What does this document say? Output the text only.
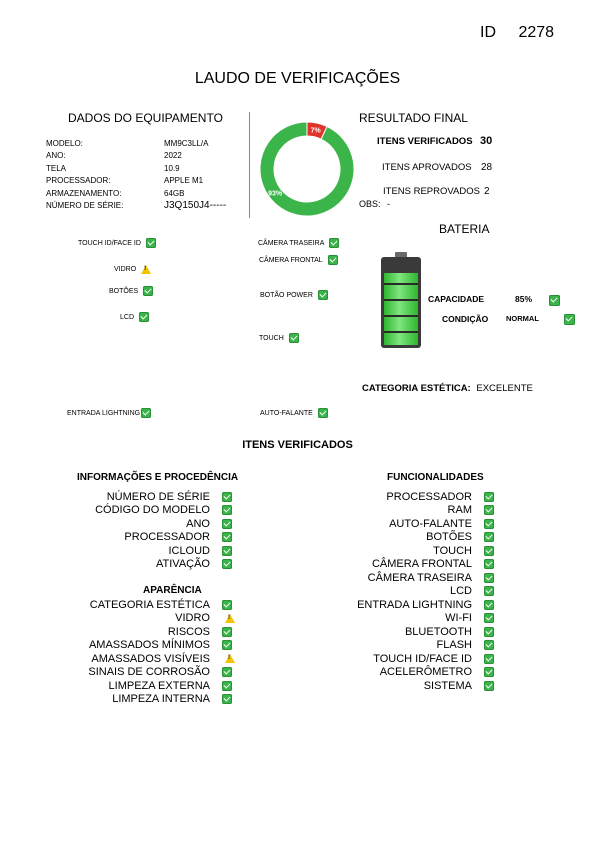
ID 2278
LAUDO DE VERIFICAÇÕES
DADOS DO EQUIPAMENTO
MODELO:	MM9C3LL/A
ANO:	2022
TELA	10.9
PROCESSADOR:	APPLE M1
ARMAZENAMENTO:	64GB
NÚMERO DE SÉRIE:	J3Q150J4-----
93%
7%
RESULTADO FINAL
ITENS VERIFICADOS 30
ITENS APROVADOS 28
ITENS REPROVADOS 2
OBS: -
TOUCH ID/FACE ID
VIDRO
!
BOTÕES
LCD
CÂMERA TRASEIRA
CÂMERA FRONTAL
BOTÃO POWER
TOUCH
ENTRADA LIGHTNING	AUTO-FALANTE
BATERIA
CAPACIDADE	85%

CONDIÇÃO NORMAL
CATEGORIA ESTÉTICA: EXCELENTE
ITENS VERIFICADOS
INFORMAÇÕES E PROCEDÊNCIA
NÚMERO DE SÉRIE
CÓDIGO DO MODELO
ANO
PROCESSADOR
ICLOUD
ATIVAÇÃO
APARÊNCIA
CATEGORIA ESTÉTICA
VIDRO
!
RISCOS
AMASSADOS MÍNIMOS
AMASSADOS VISÍVEIS
!
SINAIS DE CORROSÃO
LIMPEZA EXTERNA
LIMPEZA INTERNA
FUNCIONALIDADES
PROCESSADOR
RAM
AUTO-FALANTE
BOTÕES
TOUCH
CÂMERA FRONTAL
CÂMERA TRASEIRA
LCD
ENTRADA LIGHTNING
WI-FI
BLUETOOTH
FLASH
TOUCH ID/FACE ID
ACELERÔMETRO
SISTEMA
